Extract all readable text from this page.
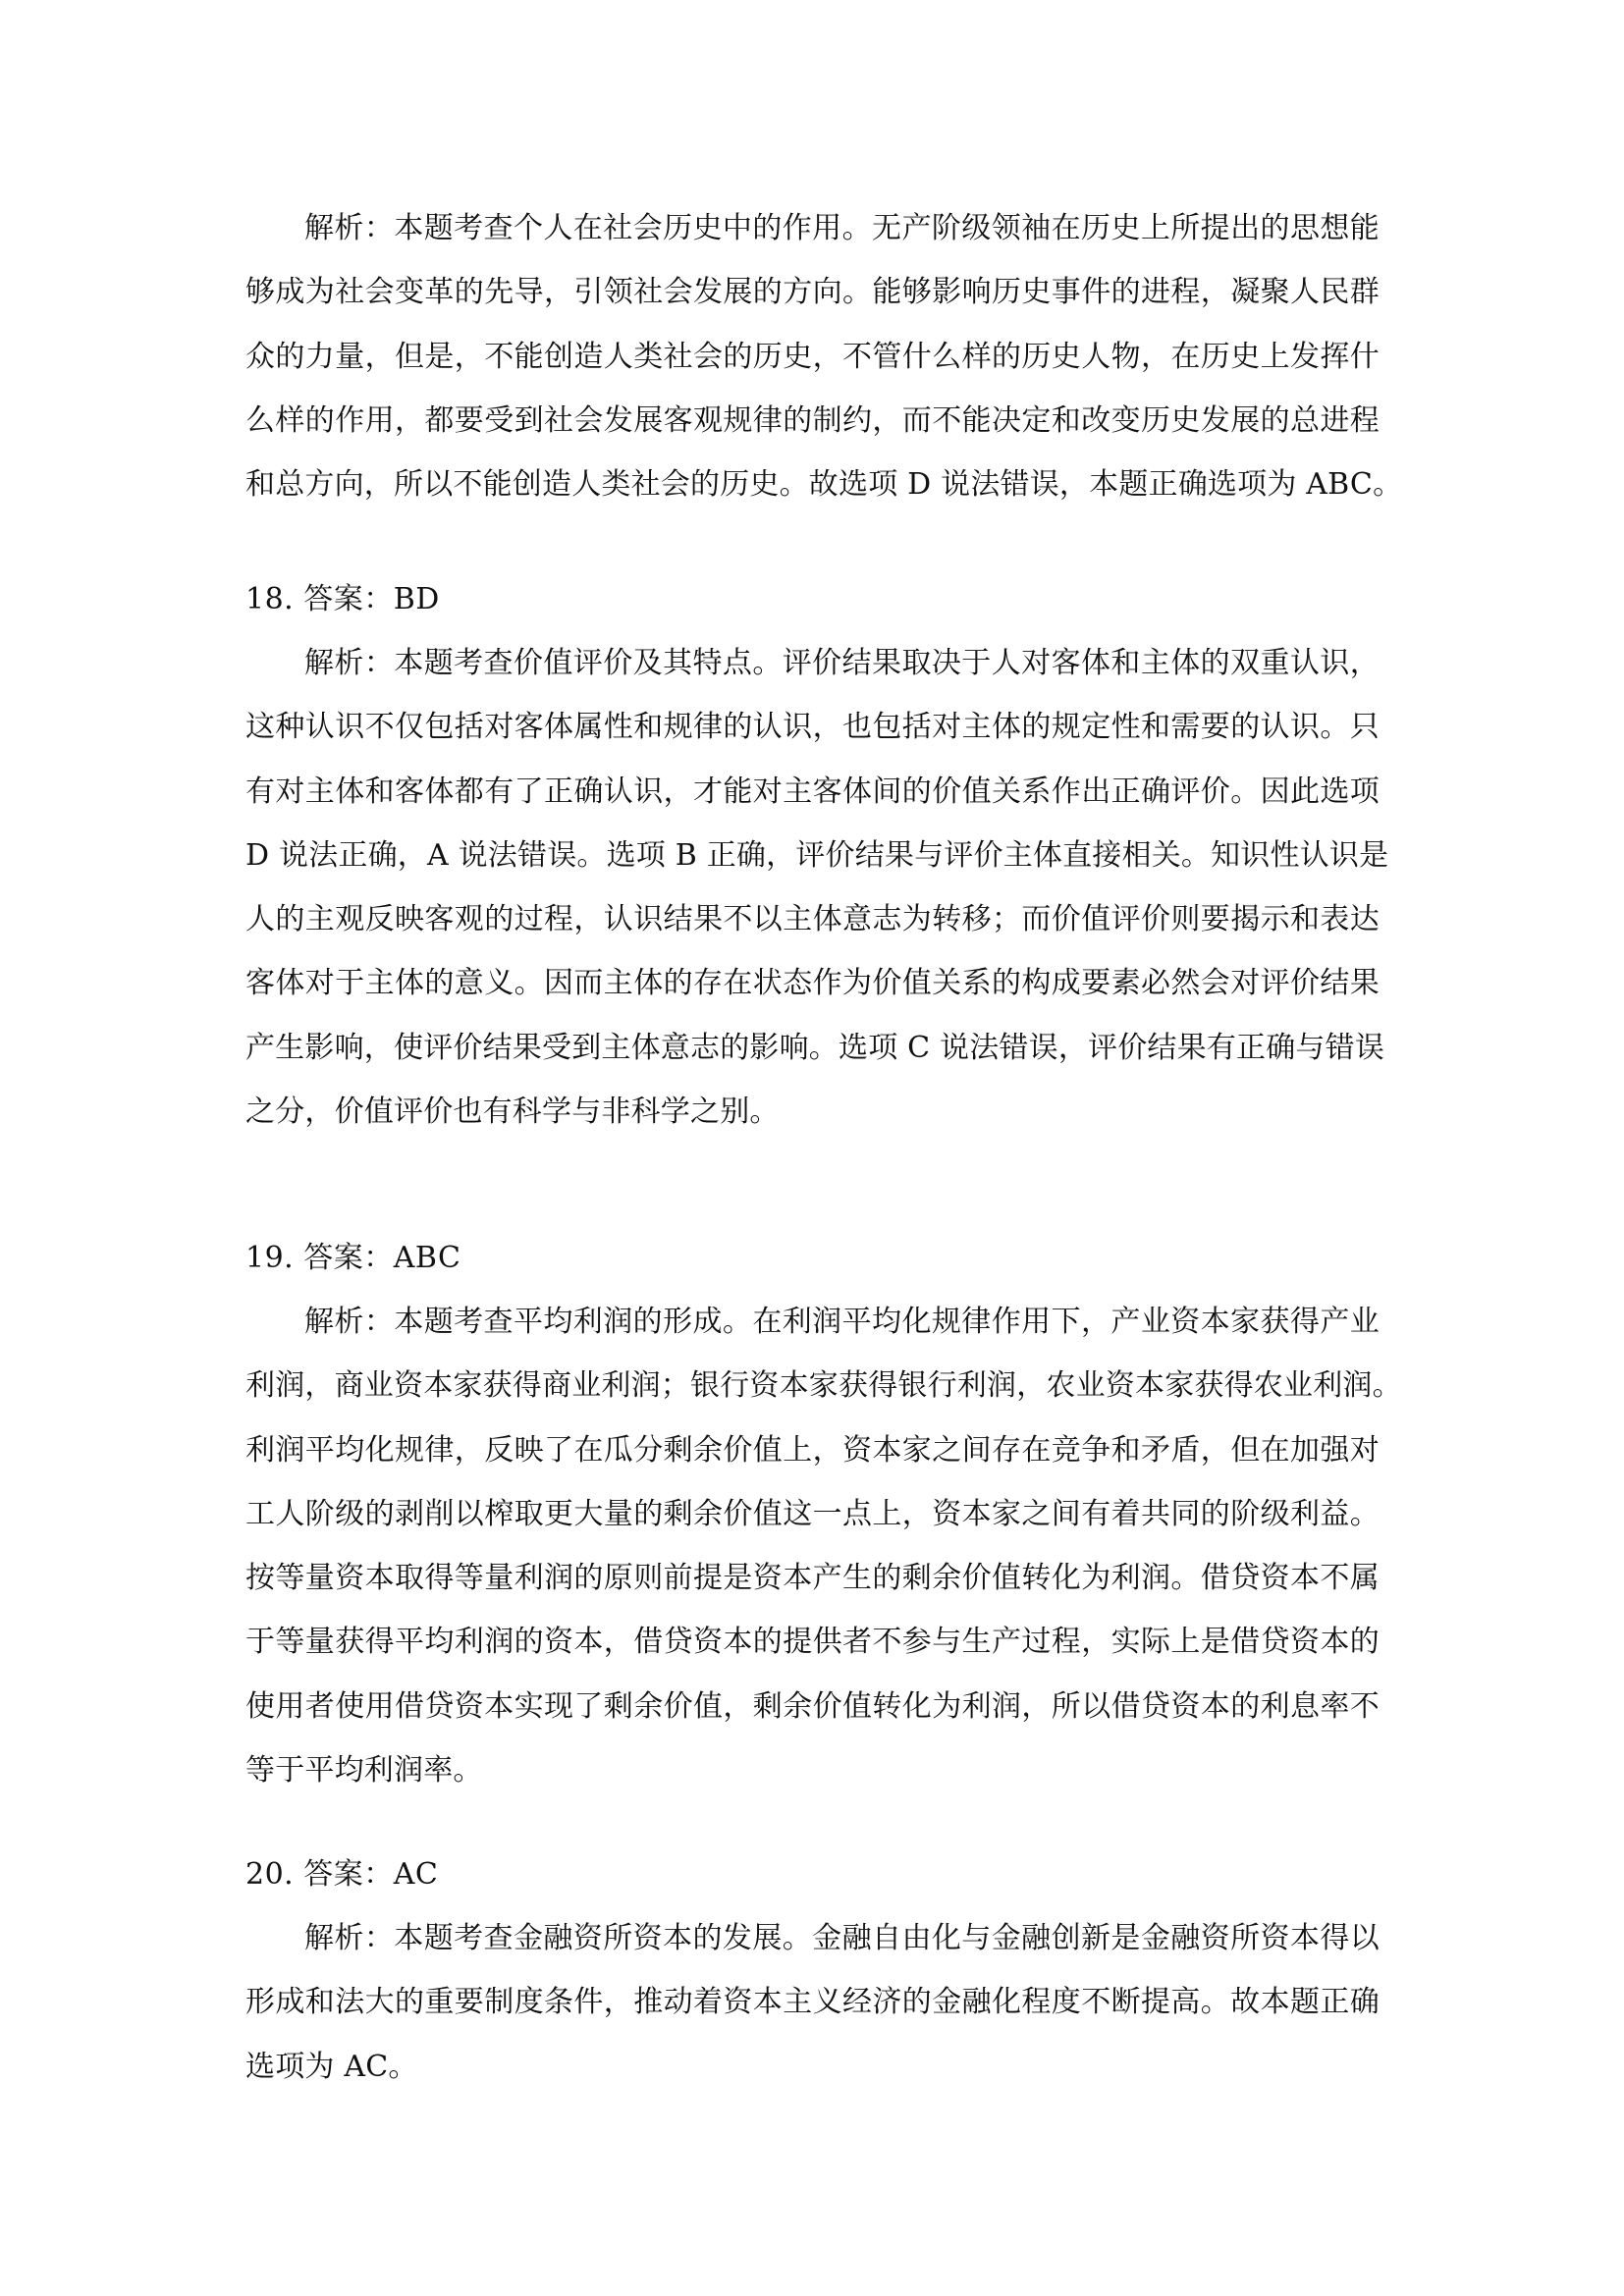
解析：本题考查个人在社会历史中的作用。无产阶级领袖在历史上所提出的思想能
够成为社会变革的先导，引领社会发展的方向。能够影响历史事件的进程，凝聚人民群
众的力量，但是，不能创造人类社会的历史，不管什么样的历史人物，在历史上发挥什
么样的作用，都要受到社会发展客观规律的制约，而不能决定和改变历史发展的总进程
和总方向，所以不能创造人类社会的历史。故选项 D 说法错误，本题正确选项为 ABC。
18. 答案：BD
解析：本题考查价值评价及其特点。评价结果取决于人对客体和主体的双重认识，
这种认识不仅包括对客体属性和规律的认识，也包括对主体的规定性和需要的认识。只
有对主体和客体都有了正确认识，才能对主客体间的价值关系作出正确评价。因此选项
D 说法正确，A 说法错误。选项 B 正确，评价结果与评价主体直接相关。知识性认识是
人的主观反映客观的过程，认识结果不以主体意志为转移；而价值评价则要揭示和表达
客体对于主体的意义。因而主体的存在状态作为价值关系的构成要素必然会对评价结果
产生影响，使评价结果受到主体意志的影响。选项 C 说法错误，评价结果有正确与错误
之分，价值评价也有科学与非科学之别。
19. 答案：ABC
解析：本题考查平均利润的形成。在利润平均化规律作用下，产业资本家获得产业
利润，商业资本家获得商业利润；银行资本家获得银行利润，农业资本家获得农业利润。
利润平均化规律，反映了在瓜分剩余价值上，资本家之间存在竞争和矛盾，但在加强对
工人阶级的剥削以榨取更大量的剩余价值这一点上，资本家之间有着共同的阶级利益。
按等量资本取得等量利润的原则前提是资本产生的剩余价值转化为利润。借贷资本不属
于等量获得平均利润的资本，借贷资本的提供者不参与生产过程，实际上是借贷资本的
使用者使用借贷资本实现了剩余价值，剩余价值转化为利润，所以借贷资本的利息率不
等于平均利润率。
20. 答案：AC
解析：本题考查金融资所资本的发展。金融自由化与金融创新是金融资所资本得以
形成和法大的重要制度条件，推动着资本主义经济的金融化程度不断提高。故本题正确
选项为 AC。
